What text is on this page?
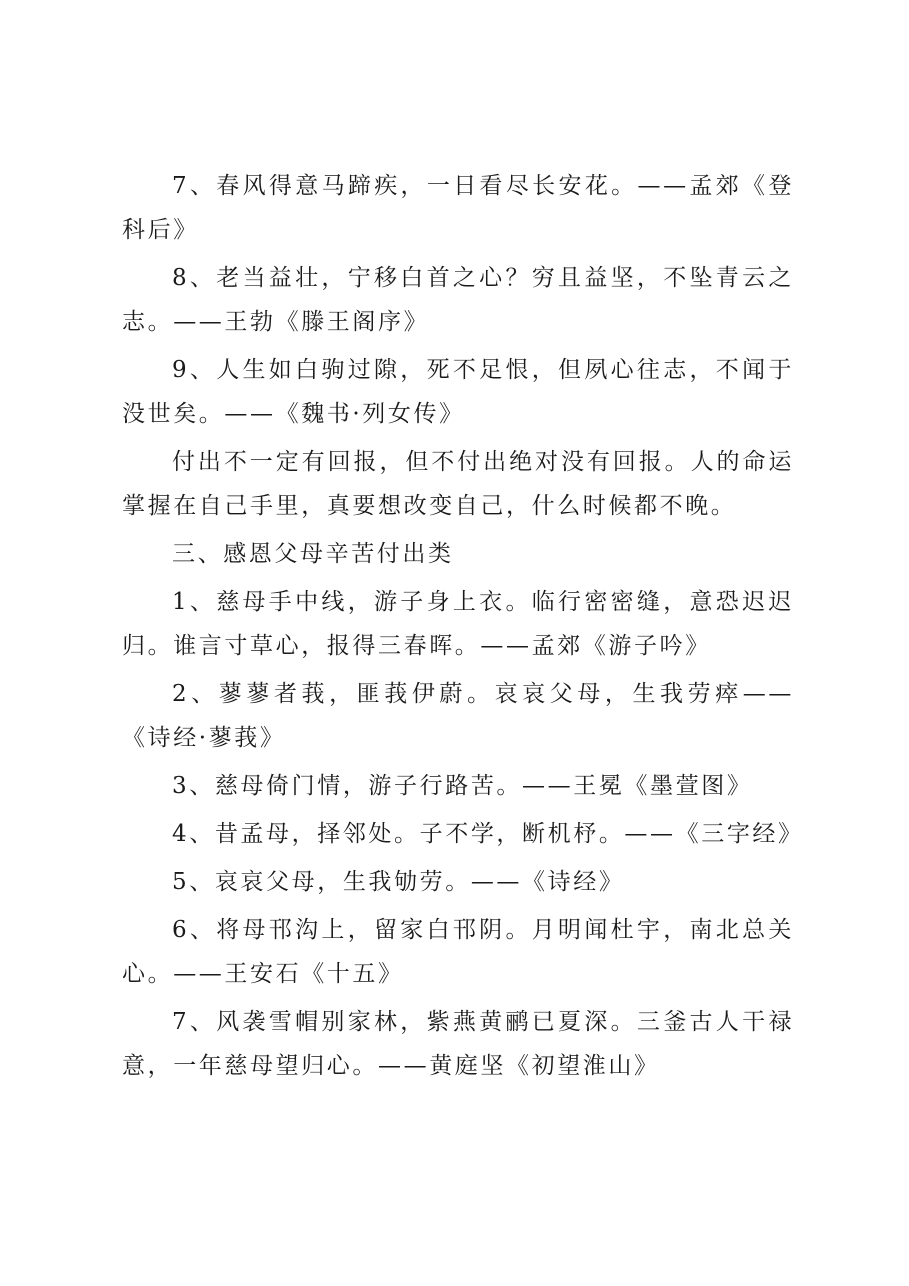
7、春风得意马蹄疾，一日看尽长安花。——孟郊《登科后》

8、老当益壮，宁移白首之心？穷且益坚，不坠青云之志。——王勃《滕王阁序》

9、人生如白驹过隙，死不足恨，但夙心往志，不闻于没世矣。——《魏书·列女传》

付出不一定有回报，但不付出绝对没有回报。人的命运掌握在自己手里，真要想改变自己，什么时候都不晚。

三、感恩父母辛苦付出类

1、慈母手中线，游子身上衣。临行密密缝，意恐迟迟归。谁言寸草心，报得三春晖。——孟郊《游子吟》

2、蓼蓼者莪，匪莪伊蔚。哀哀父母，生我劳瘁——《诗经·蓼莪》

3、慈母倚门情，游子行路苦。——王冕《墨萱图》

4、昔孟母，择邻处。子不学，断机杼。——《三字经》

5、哀哀父母，生我劬劳。——《诗经》

6、将母邗沟上，留家白邗阴。月明闻杜宇，南北总关心。——王安石《十五》

7、风袭雪帽别家林，紫燕黄鹂已夏深。三釜古人干禄意，一年慈母望归心。——黄庭坚《初望淮山》
